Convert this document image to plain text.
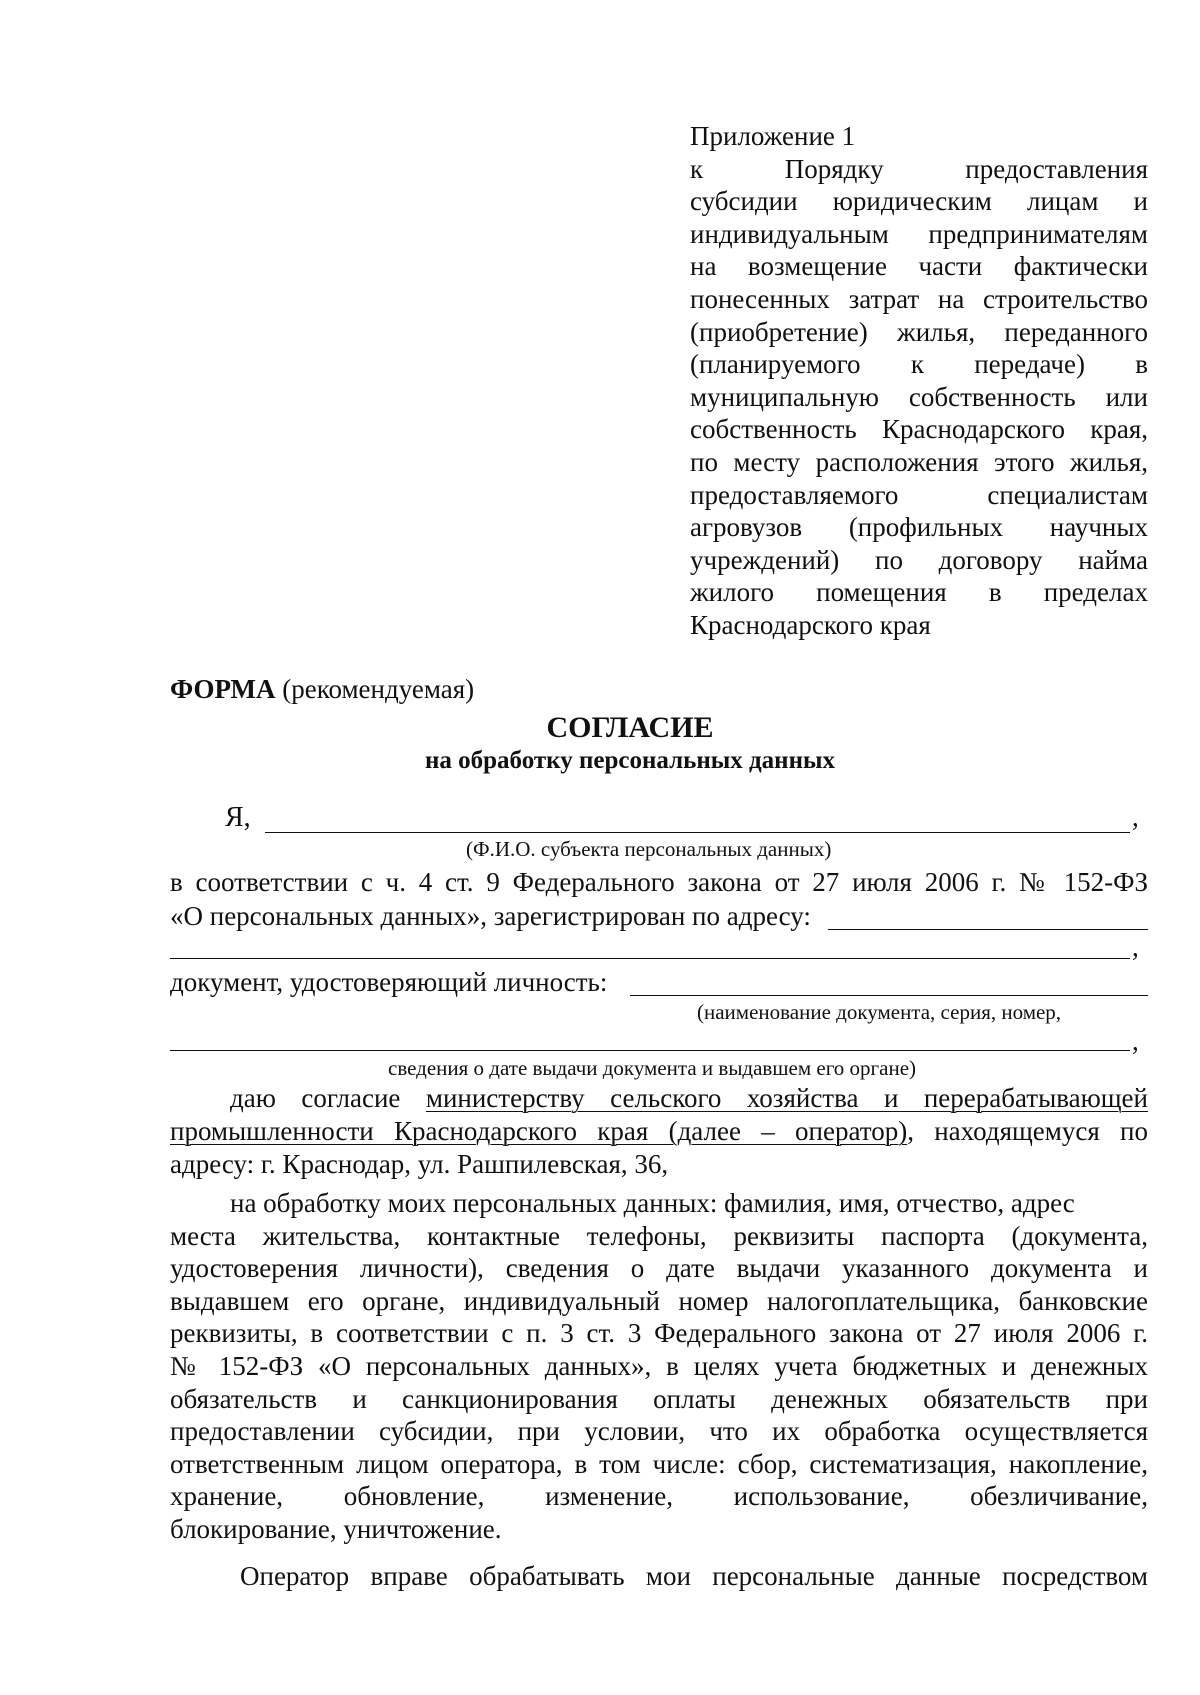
Приложение 1
к Порядку предоставления
субсидии юридическим лицам и
индивидуальным предпринимателям
на возмещение части фактически
понесенных затрат на строительство
(приобретение) жилья, переданного
(планируемого к передаче) в
муниципальную собственность или
собственность Краснодарского края,
по месту расположения этого жилья,
предоставляемого специалистам
агровузов (профильных научных
учреждений) по договору найма
жилого помещения в пределах
Краснодарского края
ФОРМА (рекомендуемая)
СОГЛАСИЕ
на обработку персональных данных
Я,	,
(Ф.И.О. субъекта персональных данных)
в соответствии с ч. 4 ст. 9 Федерального закона от 27 июля 2006 г. № 152-ФЗ
«О персональных данных», зарегистрирован по адресу:
,
документ, удостоверяющий личность:
(наименование документа, серия, номер,
,
сведения о дате выдачи документа и выдавшем его органе)
даю согласие министерству сельского хозяйства и перерабатывающей
промышленности Краснодарского края (далее – оператор), находящемуся по
адресу: г. Краснодар, ул. Рашпилевская, 36,
на обработку моих персональных данных: фамилия, имя, отчество, адрес
места жительства, контактные телефоны, реквизиты паспорта (документа,
удостоверения личности), сведения о дате выдачи указанного документа и
выдавшем его органе, индивидуальный номер налогоплательщика, банковские
реквизиты, в соответствии с п. 3 ст. 3 Федерального закона от 27 июля 2006 г.
№ 152-ФЗ «О персональных данных», в целях учета бюджетных и денежных
обязательств и санкционирования оплаты денежных обязательств при
предоставлении субсидии, при условии, что их обработка осуществляется
ответственным лицом оператора, в том числе: сбор, систематизация, накопление,
хранение, обновление, изменение, использование, обезличивание,
блокирование, уничтожение.
Оператор вправе обрабатывать мои персональные данные посредством
